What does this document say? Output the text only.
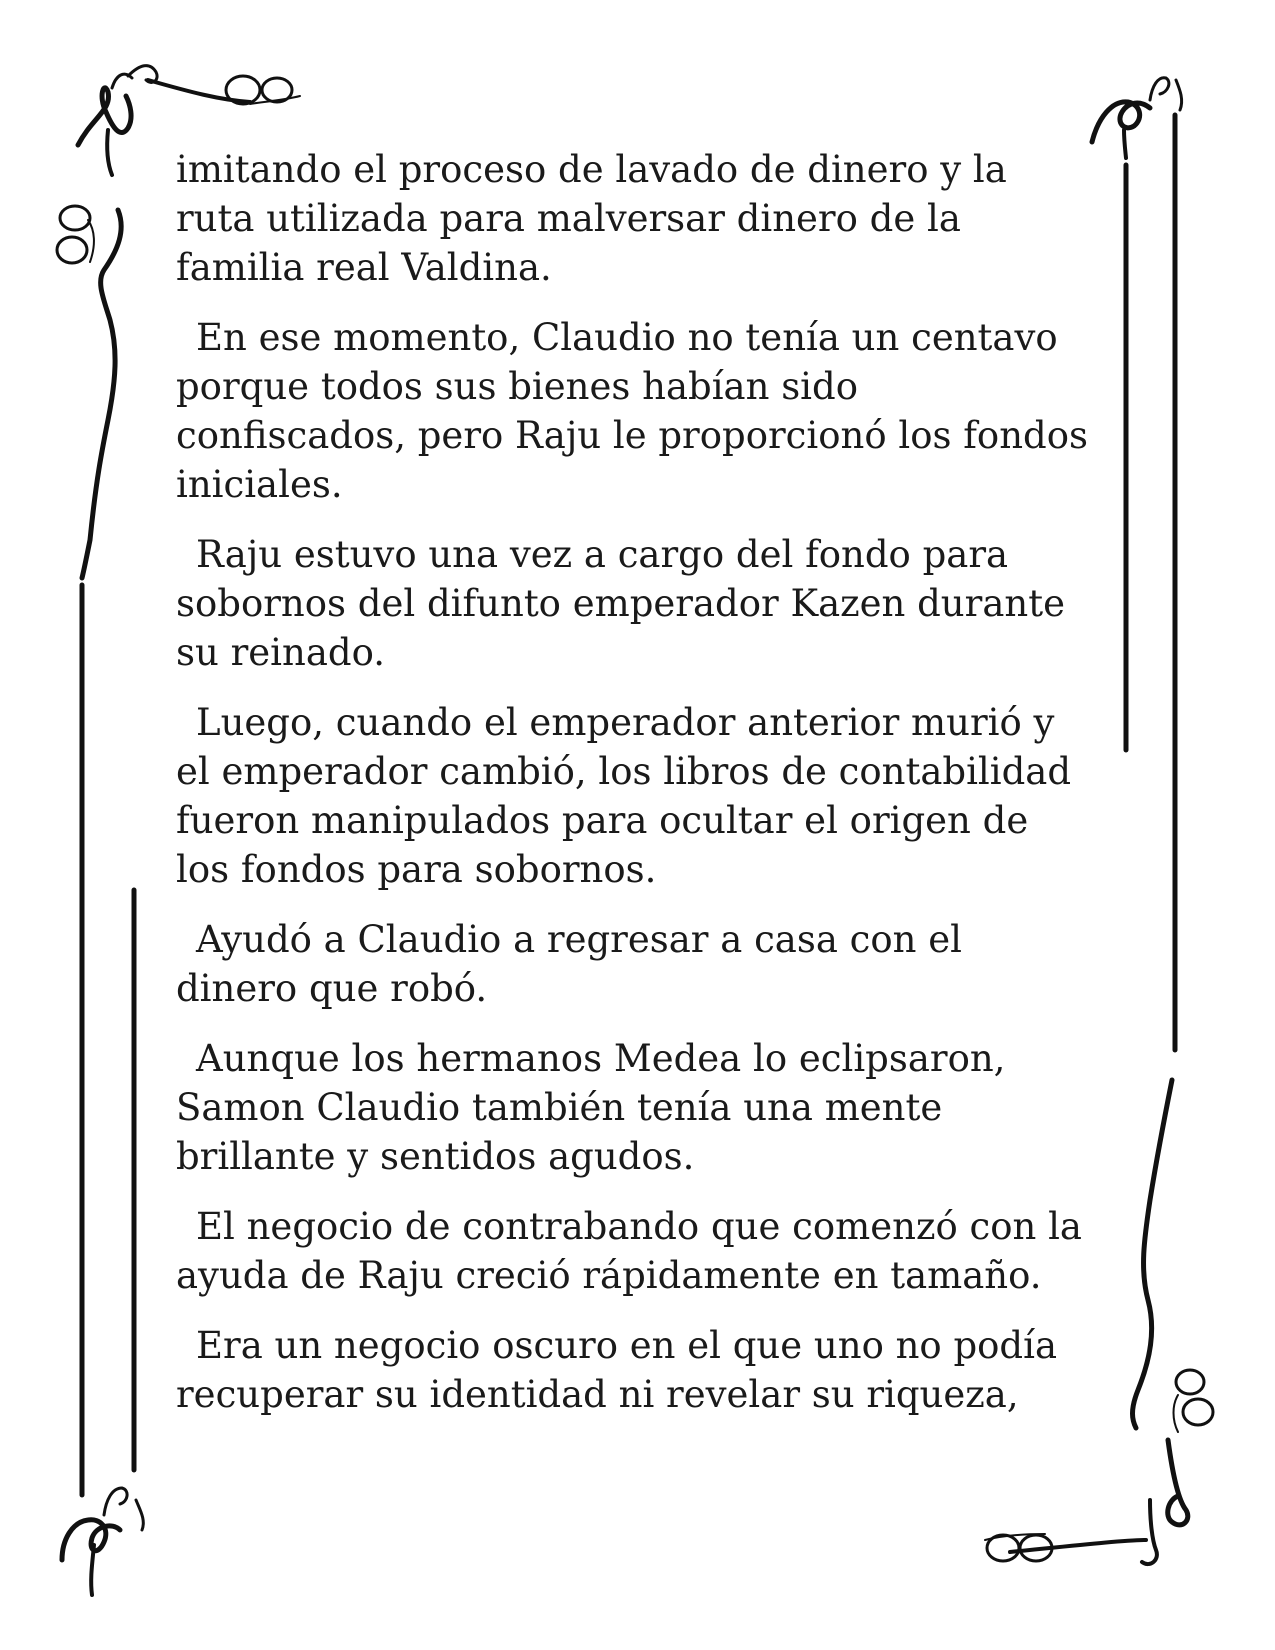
imitando el proceso de lavado de dinero y la ruta utilizada para malversar dinero de la familia real Valdina.

En ese momento, Claudio no tenía un centavo porque todos sus bienes habían sido confiscados, pero Raju le proporcionó los fondos iniciales.

Raju estuvo una vez a cargo del fondo para sobornos del difunto emperador Kazen durante su reinado.

Luego, cuando el emperador anterior murió y el emperador cambió, los libros de contabilidad fueron manipulados para ocultar el origen de los fondos para sobornos.

Ayudó a Claudio a regresar a casa con el dinero que robó.

Aunque los hermanos Medea lo eclipsaron, Samon Claudio también tenía una mente brillante y sentidos agudos.

El negocio de contrabando que comenzó con la ayuda de Raju creció rápidamente en tamaño.

Era un negocio oscuro en el que uno no podía recuperar su identidad ni revelar su riqueza,
